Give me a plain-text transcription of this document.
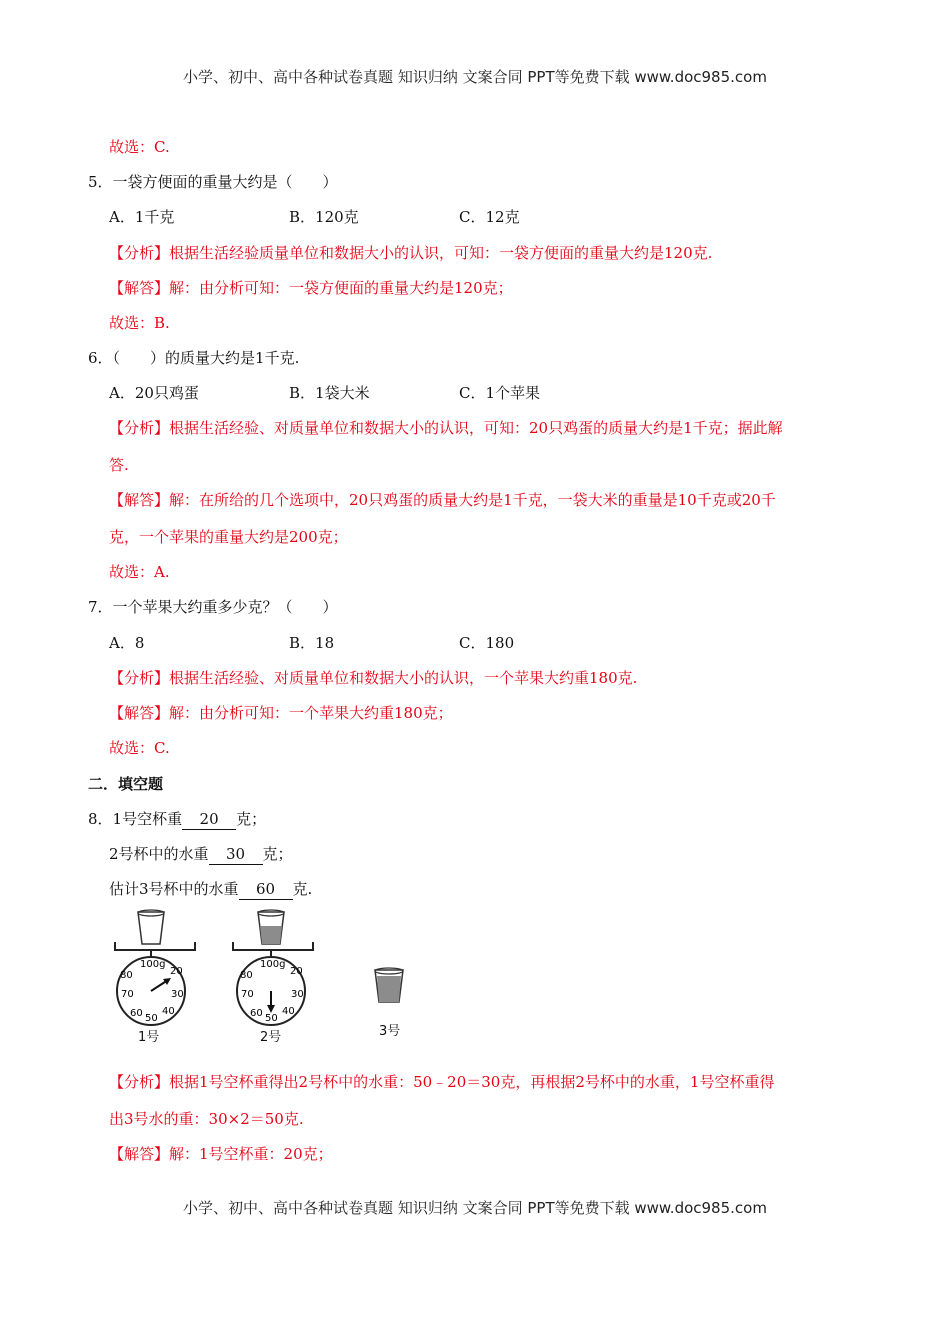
小学、初中、高中各种试卷真题 知识归纳 文案合同 PPT等免费下载 www.doc985.com
故选：C.
5．一袋方便面的重量大约是（　　）
A．1千克	B．120克	C．12克
【分析】根据生活经验质量单位和数据大小的认识，可知：一袋方便面的重量大约是120克.
【解答】解：由分析可知：一袋方便面的重量大约是120克；
故选：B.
6．（　　）的质量大约是1千克.
A．20只鸡蛋	B．1袋大米	C．1个苹果
【分析】根据生活经验、对质量单位和数据大小的认识，可知：20只鸡蛋的质量大约是1千克；据此解
答.
【解答】解：在所给的几个选项中，20只鸡蛋的质量大约是1千克，一袋大米的重量是10千克或20千
克，一个苹果的重量大约是200克；
故选：A.
7．一个苹果大约重多少克？（　　）
A．8	B．18	C．180
【分析】根据生活经验、对质量单位和数据大小的认识，一个苹果大约重180克.
【解答】解：由分析可知：一个苹果大约重180克；
故选：C.
二．填空题
8．1号空杯重 20 克；
2号杯中的水重 30 克；
估计3号杯中的水重 60 克.
100g
80	20
70	30
60 50
40
100g
80	20
70	30
60 50
40
1号	2号	3号
【分析】根据1号空杯重得出2号杯中的水重：50﹣20＝30克，再根据2号杯中的水重，1号空杯重得
出3号水的重：30×2＝50克.
【解答】解：1号空杯重：20克；
小学、初中、高中各种试卷真题 知识归纳 文案合同 PPT等免费下载 www.doc985.com
